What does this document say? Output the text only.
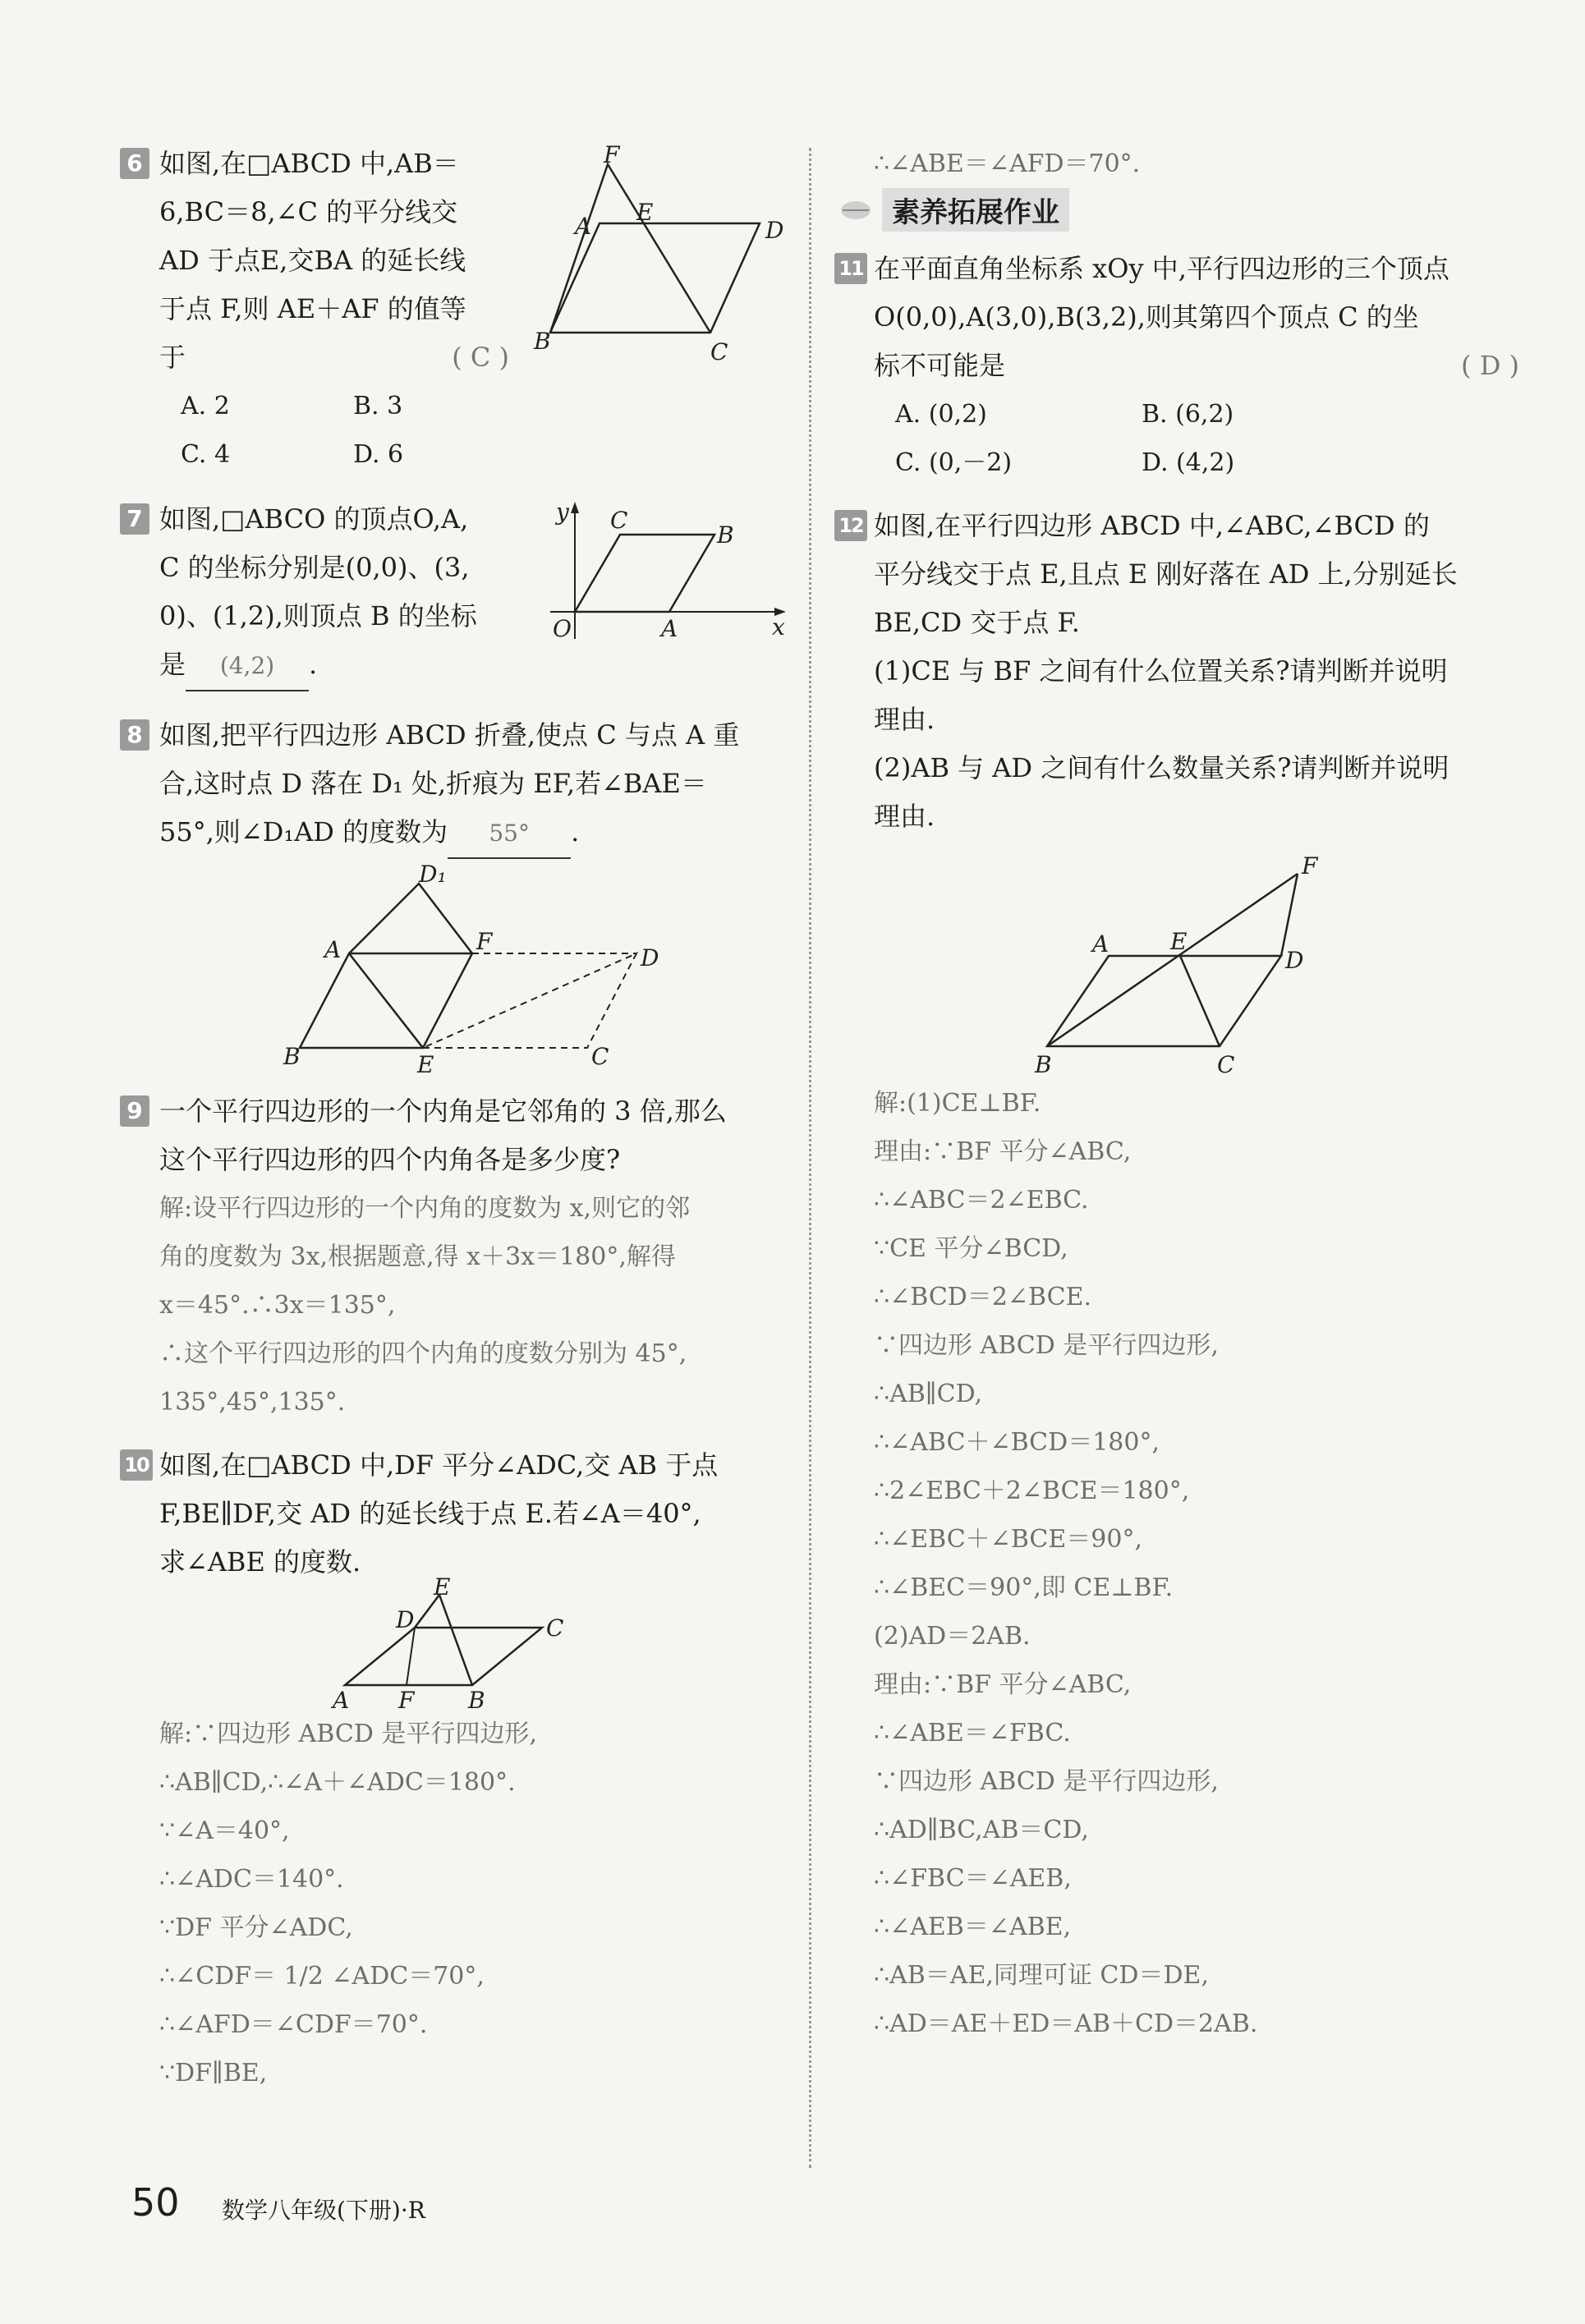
6 如图,在□ABCD 中,AB＝
6,BC＝8,∠C 的平分线交
AD 于点E,交BA 的延长线
于点 F,则 AE＋AF 的值等
于	( C )
A. 2	B. 3
C. 4	D. 6
F
A
E
D
B	C
7 如图,□ABCO 的顶点O,A,
C 的坐标分别是(0,0)、(3,
0)、(1,2),则顶点 B 的坐标
是 (4,2) .
y C
B
O	A	x
8 如图,把平行四边形 ABCD 折叠,使点 C 与点 A 重
合,这时点 D 落在 D₁ 处,折痕为 EF,若∠BAE＝
55°,则∠D₁AD 的度数为 55° .
D₁
A	F
D
B	E	C
9 一个平行四边形的一个内角是它邻角的 3 倍,那么
这个平行四边形的四个内角各是多少度?
解:设平行四边形的一个内角的度数为 x,则它的邻
角的度数为 3x,根据题意,得 x＋3x＝180°,解得
x＝45°.∴3x＝135°,
∴这个平行四边形的四个内角的度数分别为 45°,
135°,45°,135°.
10 如图,在□ABCD 中,DF 平分∠ADC,交 AB 于点
F,BE∥DF,交 AD 的延长线于点 E.若∠A＝40°,
求∠ABE 的度数.
E
D	C
A F B
解:∵四边形 ABCD 是平行四边形,
∴AB∥CD,∴∠A＋∠ADC＝180°.
∵∠A＝40°,
∴∠ADC＝140°.
∵DF 平分∠ADC,
∴∠CDF＝ 1/2 ∠ADC＝70°,
∴∠AFD＝∠CDF＝70°.
∵DF∥BE,
∴∠ABE＝∠AFD＝70°.
素养拓展作业
11 在平面直角坐标系 xOy 中,平行四边形的三个顶点
O(0,0),A(3,0),B(3,2),则其第四个顶点 C 的坐
标不可能是	( D )
A. (0,2)	B. (6,2)
C. (0,－2)	D. (4,2)
12 如图,在平行四边形 ABCD 中,∠ABC,∠BCD 的
平分线交于点 E,且点 E 刚好落在 AD 上,分别延长
BE,CD 交于点 F.
(1)CE 与 BF 之间有什么位置关系?请判断并说明
理由.
(2)AB 与 AD 之间有什么数量关系?请判断并说明
理由.
F
A	E
D
B	C
解:(1)CE⊥BF.
理由:∵BF 平分∠ABC,
∴∠ABC＝2∠EBC.
∵CE 平分∠BCD,
∴∠BCD＝2∠BCE.
∵四边形 ABCD 是平行四边形,
∴AB∥CD,
∴∠ABC＋∠BCD＝180°,
∴2∠EBC＋2∠BCE＝180°,
∴∠EBC＋∠BCE＝90°,
∴∠BEC＝90°,即 CE⊥BF.
(2)AD＝2AB.
理由:∵BF 平分∠ABC,
∴∠ABE＝∠FBC.
∵四边形 ABCD 是平行四边形,
∴AD∥BC,AB＝CD,
∴∠FBC＝∠AEB,
∴∠AEB＝∠ABE,
∴AB＝AE,同理可证 CD＝DE,
∴AD＝AE＋ED＝AB＋CD＝2AB.
50 数学八年级(下册)·R
